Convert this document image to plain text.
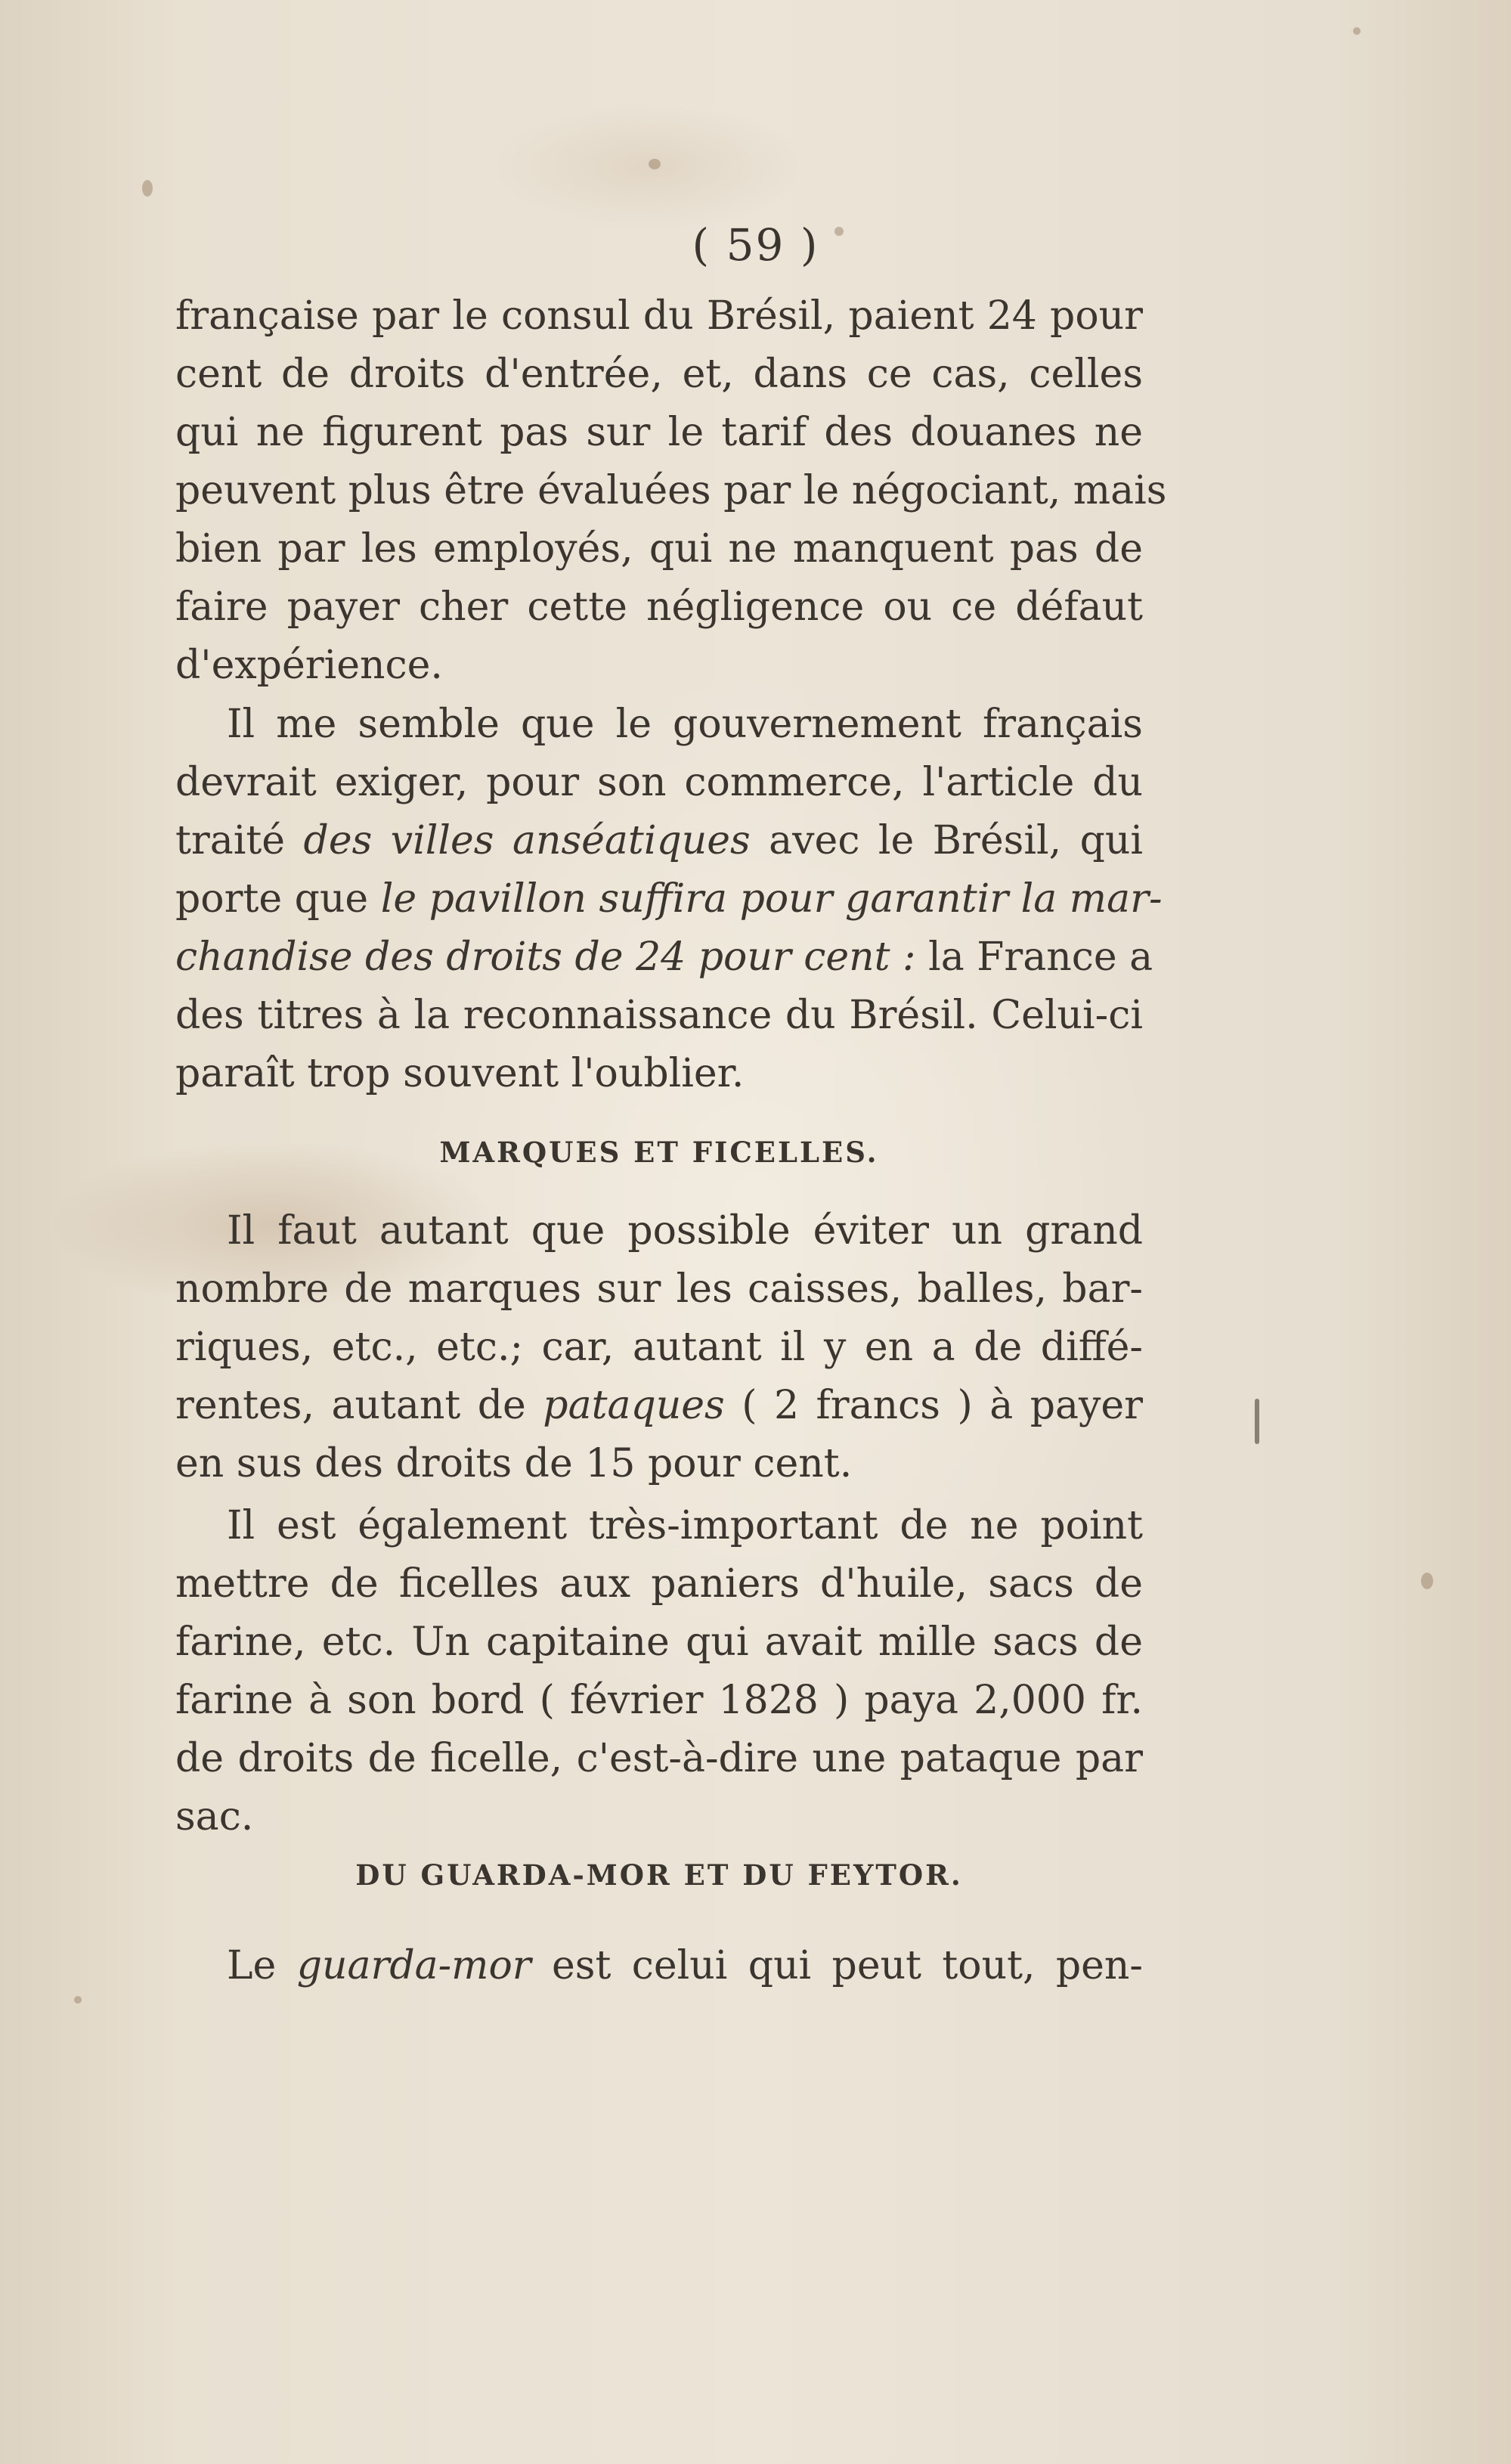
( 59 )

française par le consul du Brésil, paient 24 pour
cent de droits d'entrée, et, dans ce cas, celles
qui ne figurent pas sur le tarif des douanes ne
peuvent plus être évaluées par le négociant, mais
bien par les employés, qui ne manquent pas de
faire payer cher cette négligence ou ce défaut
d'expérience.

Il me semble que le gouvernement français
devrait exiger, pour son commerce, l'article du
traité des villes anséatiques avec le Brésil, qui
porte que le pavillon suffira pour garantir la mar-
chandise des droits de 24 pour cent : la France a
des titres à la reconnaissance du Brésil. Celui-ci
paraît trop souvent l'oublier.

MARQUES ET FICELLES.

Il faut autant que possible éviter un grand
nombre de marques sur les caisses, balles, bar-
riques, etc., etc.; car, autant il y en a de diffé-
rentes, autant de pataques ( 2 francs ) à payer
en sus des droits de 15 pour cent.

Il est également très-important de ne point
mettre de ficelles aux paniers d'huile, sacs de
farine, etc. Un capitaine qui avait mille sacs de
farine à son bord ( février 1828 ) paya 2,000 fr.
de droits de ficelle, c'est-à-dire une pataque par
sac.

DU GUARDA-MOR ET DU FEYTOR.

Le guarda-mor est celui qui peut tout, pen-
